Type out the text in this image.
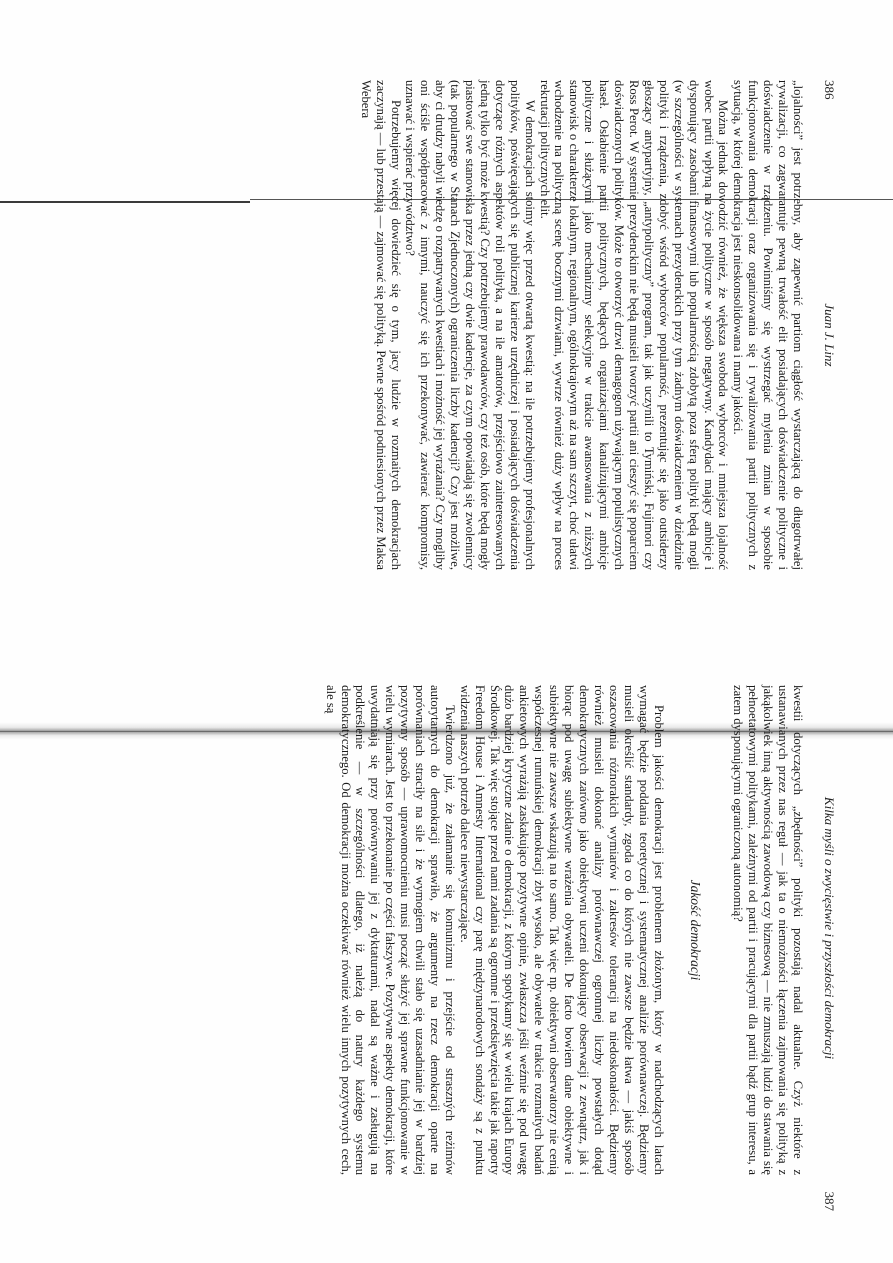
386
Juan J. Linz

„lojalności” jest potrzebny, aby zapewnić partiom ciągłość wystarczającą do długotrwałej rywalizacji, co zagwarantuje pewną trwałość elit posiadających doświadczenie polityczne i doświadczenie w rządzeniu. Powinniśmy się wystrzegać mylenia zmian w sposobie funkcjonowania demokracji oraz organizowania się i rywalizowania partii politycznych z sytuacją, w której demokracja jest nieskonsolidowana i mamy jakości.

Można jednak dowodzić również, że większa swoboda wyborców i mniejsza lojalność wobec partii wpłyną na życie polityczne w sposób negatywny. Kandydaci mający ambicje i dysponujący zasobami finansowymi lub popularnością zdobytą poza sferą polityki będą mogli (w szczególności w systemach prezydenckich przy tym żadnym doświadczeniem w dziedzinie polityki i rządzenia, zdobyć wśród wyborców popularność, prezentując się jako outsiderzy głoszący antypartyjny, „antypolityczny” program, tak jak uczynili to Tymiński, Fujimori czy Ross Perot. W systemie prezydenckim nie będą musieli tworzyć partii ani cieszyć się poparciem doświadczonych polityków. Może to otworzyć drzwi demagogom używającym populistycznych haseł. Osłabienie partii politycznych, będących organizacjami kanalizującymi ambicje polityczne i służącymi jako mechanizmy selekcyjne w trakcie awansowania z niższych stanowisk o charakterze lokalnym, regionalnym, ogólnokrajowym aż na sam szczyt, choć ułatwi wchodzenie na polityczną scenę bocznymi drzwiami, wywrze również duży wpływ na proces rekrutacji politycznych elit.

W demokracjach stoimy więc przed otwartą kwestią: na ile potrzebujemy profesjonalnych polityków, poświęcających się publicznej karierze urzędniczej i posiadających doświadczenia dotyczące różnych aspektów roli polityka, a na ile amatorów, przejściowo zainteresowanych jedną tylko być może kwestią? Czy potrzebujemy prawodawców, czy też osób, które będą mogły piastować swe stanowiska przez jedną czy dwie kadencje, za czym opowiadają się zwolennicy (tak popularnego w Stanach Zjednoczonych) ograniczenia liczby kadencji? Czy jest możliwe, aby ci drudzy nabyli wiedzę o rozpatrywanych kwestiach i możność jej wyrażania? Czy mogliby oni ściśle współpracować z innymi, nauczyć się ich przekonywać, zawierać kompromisy, uznawać i wspierać przywództwo?

Potrzebujemy więcej dowiedzieć się o tym, jacy ludzie w rozmaitych demokracjach zaczynają — lub przestają — zajmować się polityką. Pewne spośród podniesionych przez Maksa Webera

Kilka myśli o zwycięstwie i przyszłości demokracji
387

kwestii dotyczących „zbędności” polityki pozostają nadal aktualne. Czyż niektóre z ustanawianych przez nas reguł — jak ta o niemożności łączenia zajmowania się polityką z jakąkolwiek inną aktywnością zawodową czy biznesową — nie zmuszają ludzi do stawania się pełnoetatowymi politykami, zależnymi od partii i pracującymi dla partii bądź grup interesu, a zatem dysponującymi ograniczoną autonomią?

Jakość demokracji

Problem jakości demokracji jest problemem złożonym, który w nadchodzących latach wymagać będzie poddania teoretycznej i systematycznej analizie porównawczej. Będziemy musieli określić standardy, zgoda co do których nie zawsze będzie łatwa — jakiś sposób oszacowania różnorakich wymiarów i zakresów tolerancji na niedoskonałości. Będziemy również musieli dokonać analizy porównawczej ogromnej liczby powstałych dotąd demokratycznych zarówno jako obiektywni uczeni dokonujący obserwacji z zewnątrz, jak i biorąc pod uwagę subiektywne wrażenia obywateli. De facto bowiem dane obiektywne i subiektywne nie zawsze wskazują na to samo. Tak więc np. obiektywni obserwatorzy nie cenią współczesnej rumuńskiej demokracji zbyt wysoko, ale obywatele w trakcie rozmaitych badań ankietowych wyrażają zaskakująco pozytywne opinie, zwłaszcza jeśli weźmie się pod uwagę dużo bardziej krytyczne zdanie o demokracji, z którym spotykamy się w wielu krajach Europy Środkowej. Tak więc stojące przed nami zadania są ogromne i przedsięwzięcia takie jak raporty Freedom House i Amnesty International czy parę międzynarodowych sondaży są z punktu widzenia naszych potrzeb dalece niewystarczające.

Twierdzono już, że załamanie się komunizmu i przejście od straszných reżimów autorytarnych do demokracji sprawiło, że argumenty na rzecz demokracji oparte na porównaniach straciły na sile i że wymogiem chwili stało się uzasadnianie jej w bardziej pozytywny sposób — uprawomocnieniu musi począć służyć jej sprawne funkcjonowanie w wielu wymiarach. Jest to przekonanie po części fałszywe. Pozytywne aspekty demokracji, które uwydatniają się przy porównywaniu jej z dyktaturami, nadal są ważne i zasługują na podkreślenie — w szczególności dlatego, iż należą do natury każdego systemu demokratycznego. Od demokracji można oczekiwać również wielu innych pozytywnych cech, ale są
